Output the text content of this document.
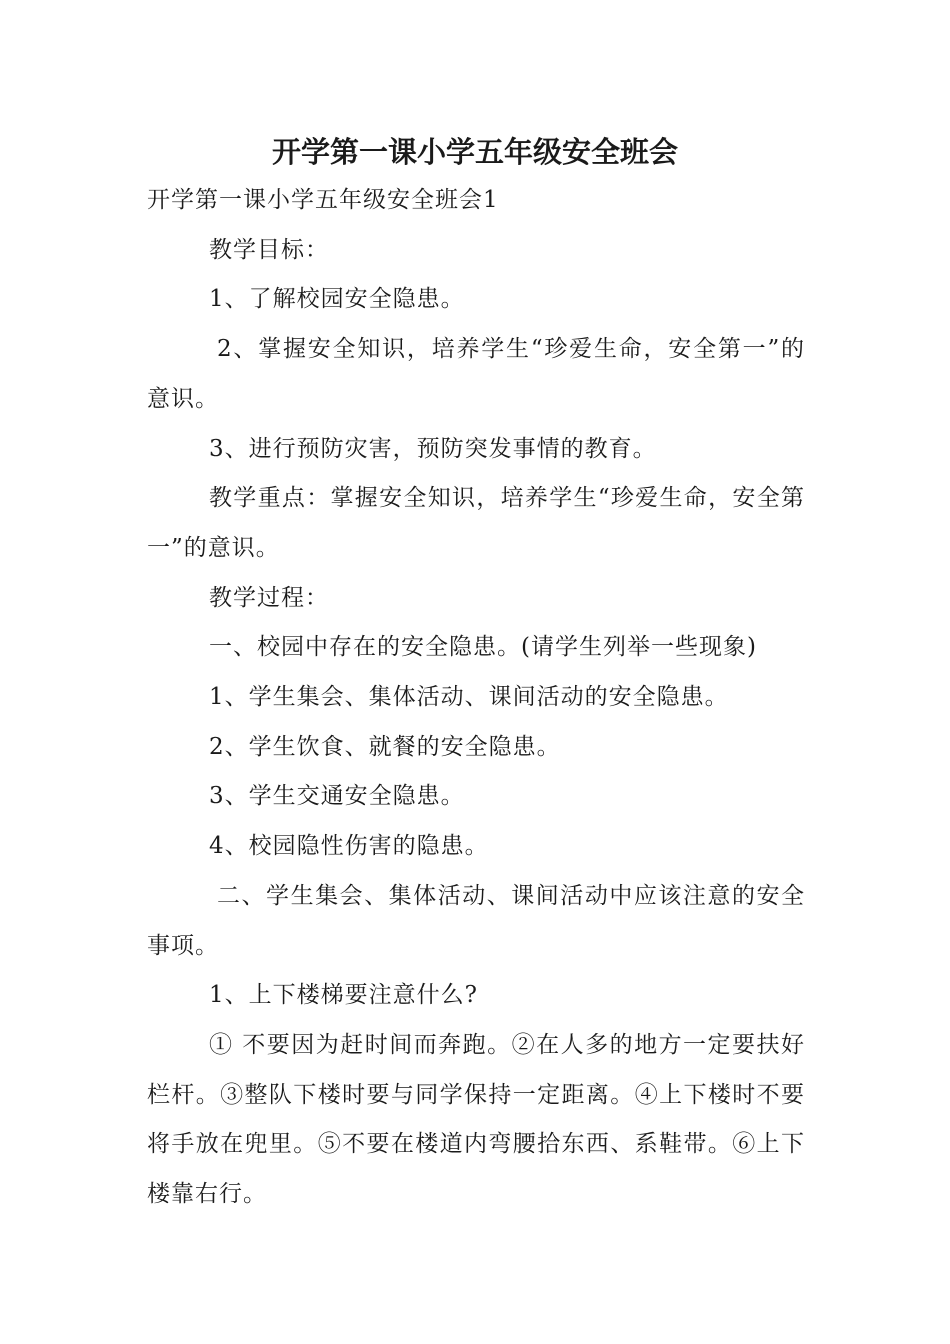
开学第一课小学五年级安全班会

开学第一课小学五年级安全班会1

教学目标：

1、了解校园安全隐患。

2、掌握安全知识，培养学生“珍爱生命，安全第一”的意识。

3、进行预防灾害，预防突发事情的教育。

教学重点：掌握安全知识，培养学生“珍爱生命，安全第一”的意识。

教学过程：

一、校园中存在的安全隐患。(请学生列举一些现象)

1、学生集会、集体活动、课间活动的安全隐患。

2、学生饮食、就餐的安全隐患。

3、学生交通安全隐患。

4、校园隐性伤害的隐患。

二、学生集会、集体活动、课间活动中应该注意的安全事项。

1、上下楼梯要注意什么?

① 不要因为赶时间而奔跑。②在人多的地方一定要扶好栏杆。③整队下楼时要与同学保持一定距离。④上下楼时不要将手放在兜里。⑤不要在楼道内弯腰拾东西、系鞋带。⑥上下楼靠右行。
